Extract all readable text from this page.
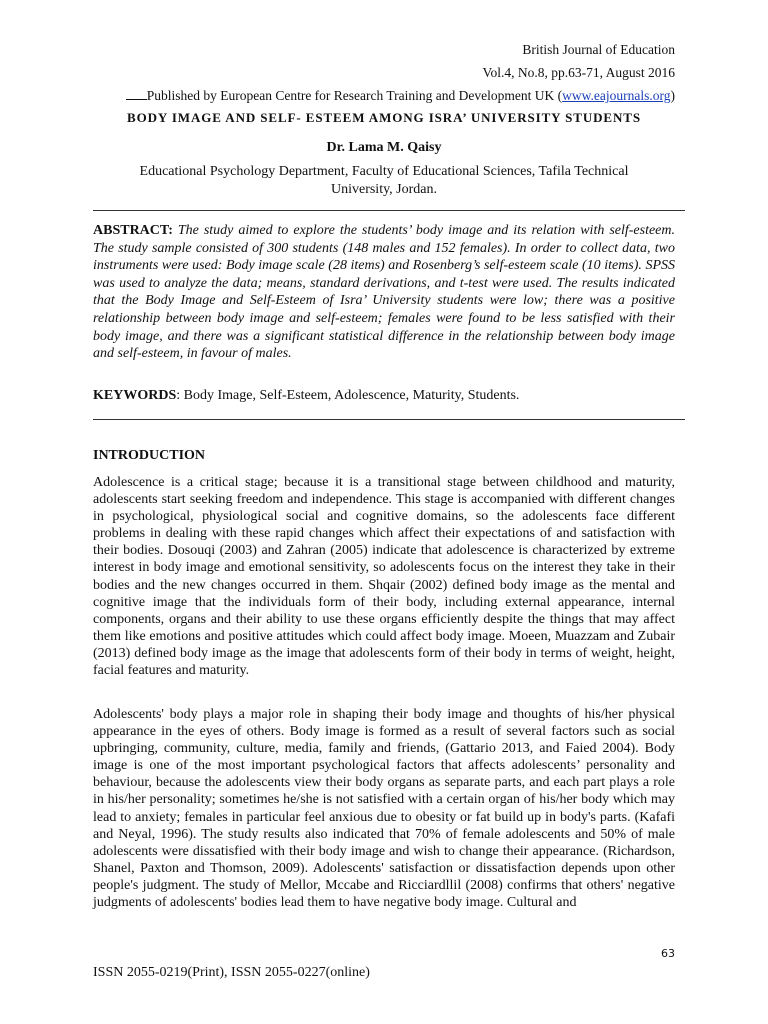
British Journal of Education
Vol.4, No.8, pp.63-71, August 2016
Published by European Centre for Research Training and Development UK (www.eajournals.org)
BODY IMAGE AND SELF- ESTEEM AMONG ISRA’ UNIVERSITY STUDENTS
Dr. Lama M. Qaisy
Educational Psychology Department, Faculty of Educational Sciences, Tafila Technical University, Jordan.
ABSTRACT: The study aimed to explore the students’ body image and its relation with self-esteem. The study sample consisted of 300 students (148 males and 152 females). In order to collect data, two instruments were used: Body image scale (28 items) and Rosenberg’s self-esteem scale (10 items). SPSS was used to analyze the data; means, standard derivations, and t-test were used. The results indicated that the Body Image and Self-Esteem of Isra’ University students were low; there was a positive relationship between body image and self-esteem; females were found to be less satisfied with their body image, and there was a significant statistical difference in the relationship between body image and self-esteem, in favour of males.
KEYWORDS: Body Image, Self-Esteem, Adolescence, Maturity, Students.
INTRODUCTION
Adolescence is a critical stage; because it is a transitional stage between childhood and maturity, adolescents start seeking freedom and independence. This stage is accompanied with different changes in psychological, physiological social and cognitive domains, so the adolescents face different problems in dealing with these rapid changes which affect their expectations of and satisfaction with their bodies. Dosouqi (2003) and Zahran (2005) indicate that adolescence is characterized by extreme interest in body image and emotional sensitivity, so adolescents focus on the interest they take in their bodies and the new changes occurred in them. Shqair (2002) defined body image as the mental and cognitive image that the individuals form of their body, including external appearance, internal components, organs and their ability to use these organs efficiently despite the things that may affect them like emotions and positive attitudes which could affect body image. Moeen, Muazzam and Zubair (2013) defined body image as the image that adolescents form of their body in terms of weight, height, facial features and maturity.
Adolescents' body plays a major role in shaping their body image and thoughts of his/her physical appearance in the eyes of others. Body image is formed as a result of several factors such as social upbringing, community, culture, media, family and friends, (Gattario 2013, and Faied 2004). Body image is one of the most important psychological factors that affects adolescents’ personality and behaviour, because the adolescents view their body organs as separate parts, and each part plays a role in his/her personality; sometimes he/she is not satisfied with a certain organ of his/her body which may lead to anxiety; females in particular feel anxious due to obesity or fat build up in body's parts. (Kafafi and Neyal, 1996). The study results also indicated that 70% of female adolescents and 50% of male adolescents were dissatisfied with their body image and wish to change their appearance. (Richardson, Shanel, Paxton and Thomson, 2009). Adolescents' satisfaction or dissatisfaction depends upon other people's judgment. The study of Mellor, Mccabe and Ricciardllil (2008) confirms that others' negative judgments of adolescents' bodies lead them to have negative body image. Cultural and
63
ISSN 2055-0219(Print), ISSN 2055-0227(online)
